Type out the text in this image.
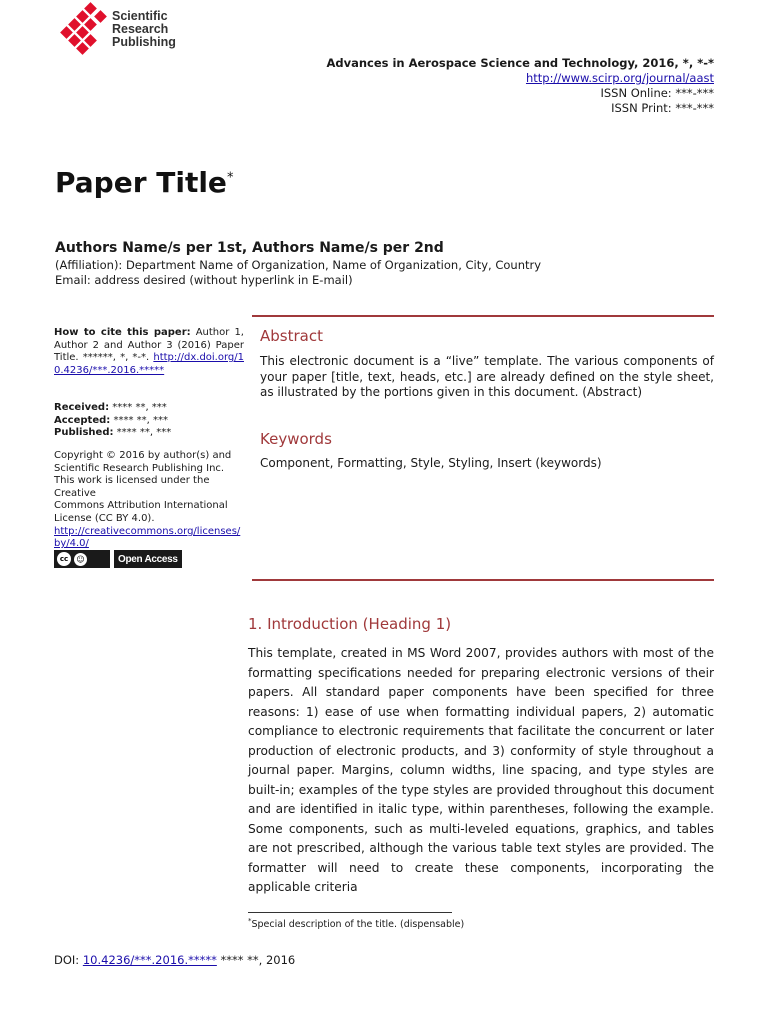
Scientific
Research
Publishing
Advances in Aerospace Science and Technology, 2016, *, *-*
http://www.scirp.org/journal/aast
ISSN Online: ***-***
ISSN Print: ***-***
Paper Title*
Authors Name/s per 1st, Authors Name/s per 2nd
(Affiliation): Department Name of Organization, Name of Organization, City, Country
Email: address desired (without hyperlink in E-mail)
How to cite this paper: Author 1, Author 2 and Author 3 (2016) Paper Title. ******, *, *-*. http://dx.doi.org/10.4236/***.2016.*****
Received: **** **, ***
Accepted: **** **, ***
Published: **** **, ***
Copyright © 2016 by author(s) and Scientific Research Publishing Inc.
This work is licensed under the Creative
Commons Attribution International License (CC BY 4.0).
http://creativecommons.org/licenses/by/4.0/
cc	☺	Open Access
Abstract
This electronic document is a “live” template. The various components of your paper [title, text, heads, etc.] are already defined on the style sheet, as illustrated by the portions given in this document. (Abstract)
Keywords
Component, Formatting, Style, Styling, Insert (keywords)
1. Introduction (Heading 1)
This template, created in MS Word 2007, provides authors with most of the formatting specifications needed for preparing electronic versions of their papers. All standard paper components have been specified for three reasons: 1) ease of use when formatting individual papers, 2) automatic compliance to electronic requirements that facilitate the concurrent or later production of electronic products, and 3) conformity of style throughout a journal paper. Margins, column widths, line spacing, and type styles are built-in; examples of the type styles are provided throughout this document and are identified in italic type, within parentheses, following the example. Some components, such as multi-leveled equations, graphics, and tables are not prescribed, although the various table text styles are provided. The formatter will need to create these components, incorporating the applicable criteria
*Special description of the title. (dispensable)
DOI: 10.4236/***.2016.***** **** **, 2016
